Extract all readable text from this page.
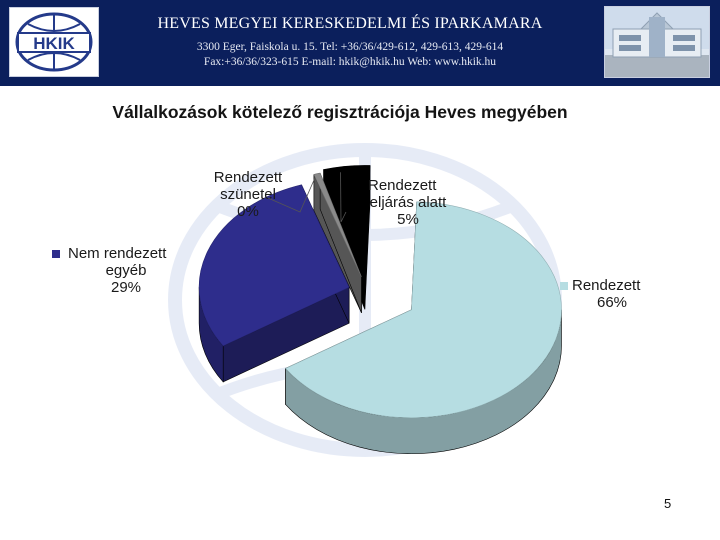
HKIK
HEVES MEGYEI KERESKEDELMI ÉS IPARKAMARA
3300 Eger, Faiskola u. 15. Tel: +36/36/429-612, 429-613, 429-614
Fax:+36/36/323-615 E-mail: hkik@hkik.hu Web: www.hkik.hu
Vállalkozások kötelező regisztrációja Heves megyében
Rendezett
66%
Nem rendezett
egyéb
29%
Rendezett
szünetel
0%
Rendezett
eljárás alatt
5%
5
